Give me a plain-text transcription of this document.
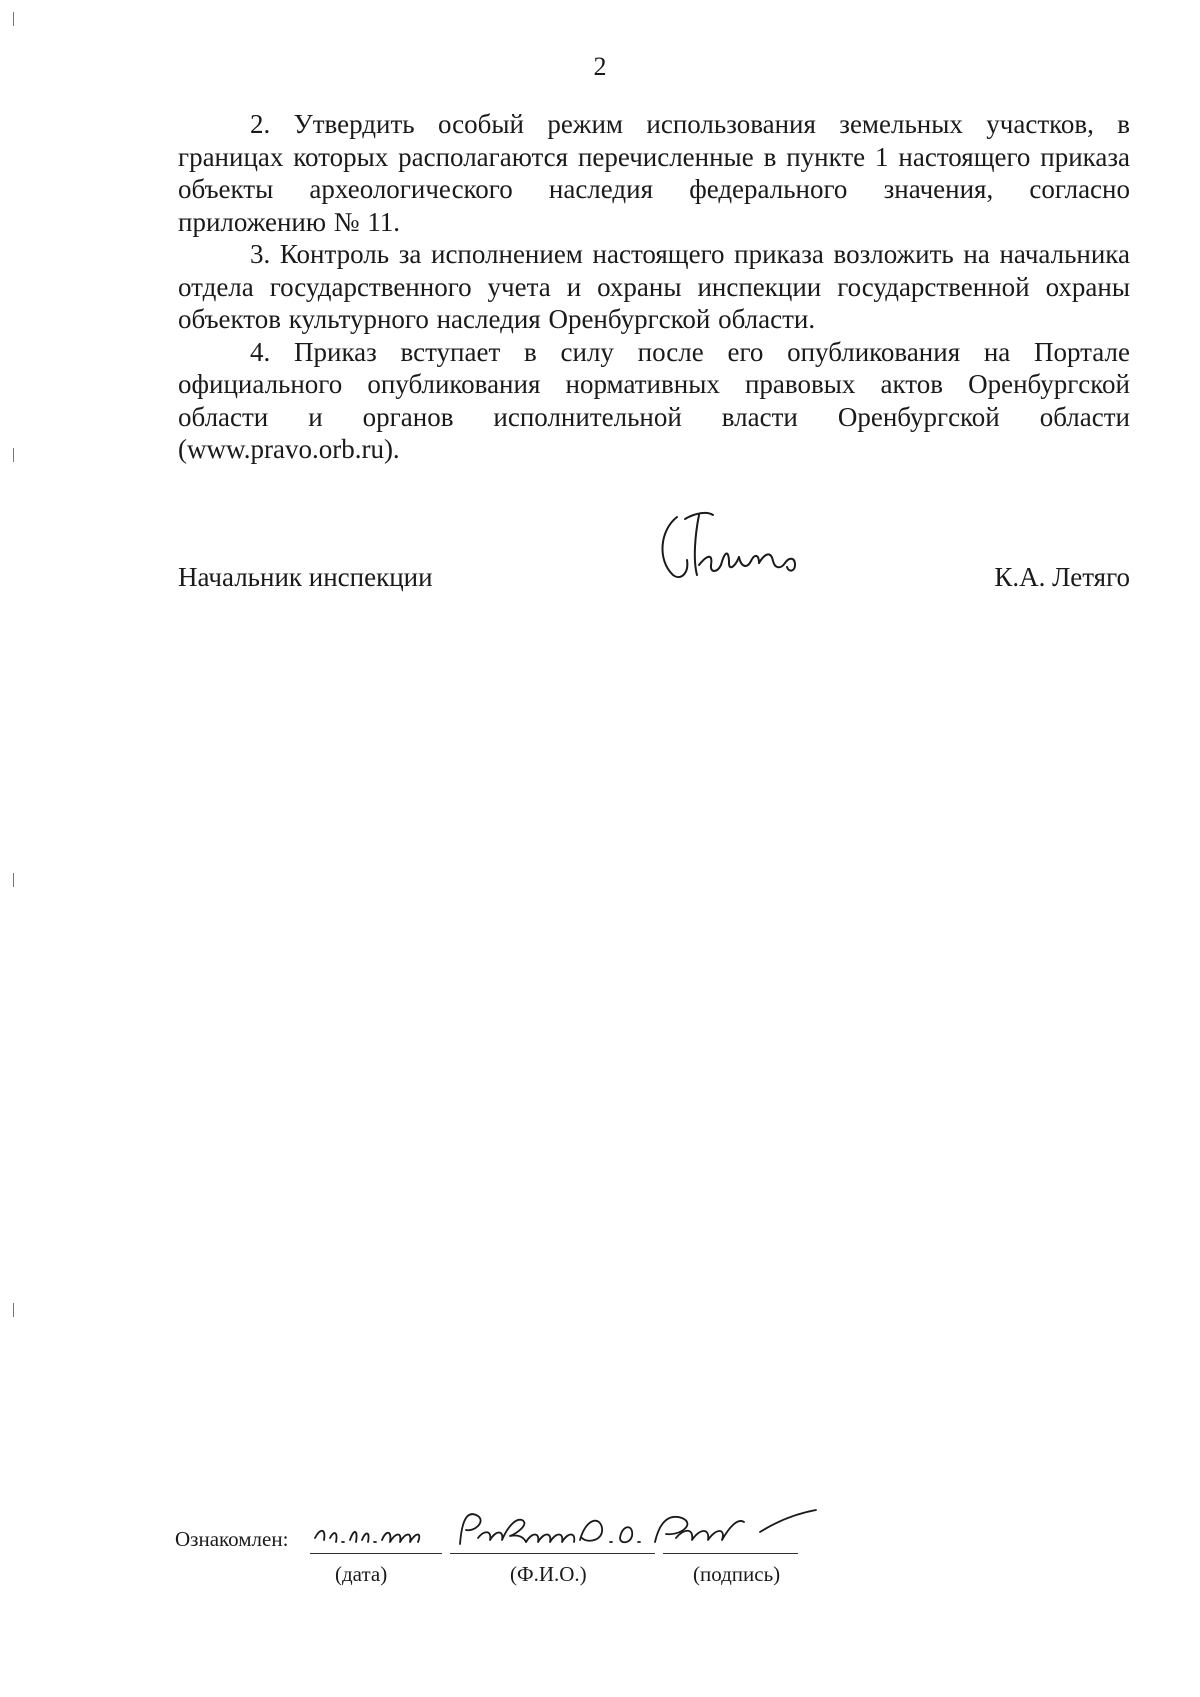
2

2. Утвердить особый режим использования земельных участков, в границах которых располагаются перечисленные в пункте 1 настоящего приказа объекты археологического наследия федерального значения, согласно приложению № 11.

3. Контроль за исполнением настоящего приказа возложить на начальника отдела государственного учета и охраны инспекции государственной охраны объектов культурного наследия Оренбургской области.

4. Приказ вступает в силу после его опубликования на Портале официального опубликования нормативных правовых актов Оренбургской области и органов исполнительной власти Оренбургской области (www.pravo.orb.ru).

Начальник инспекции	К.А. Летяго
Ознакомлен:
(дата)	(Ф.И.О.)	(подпись)
